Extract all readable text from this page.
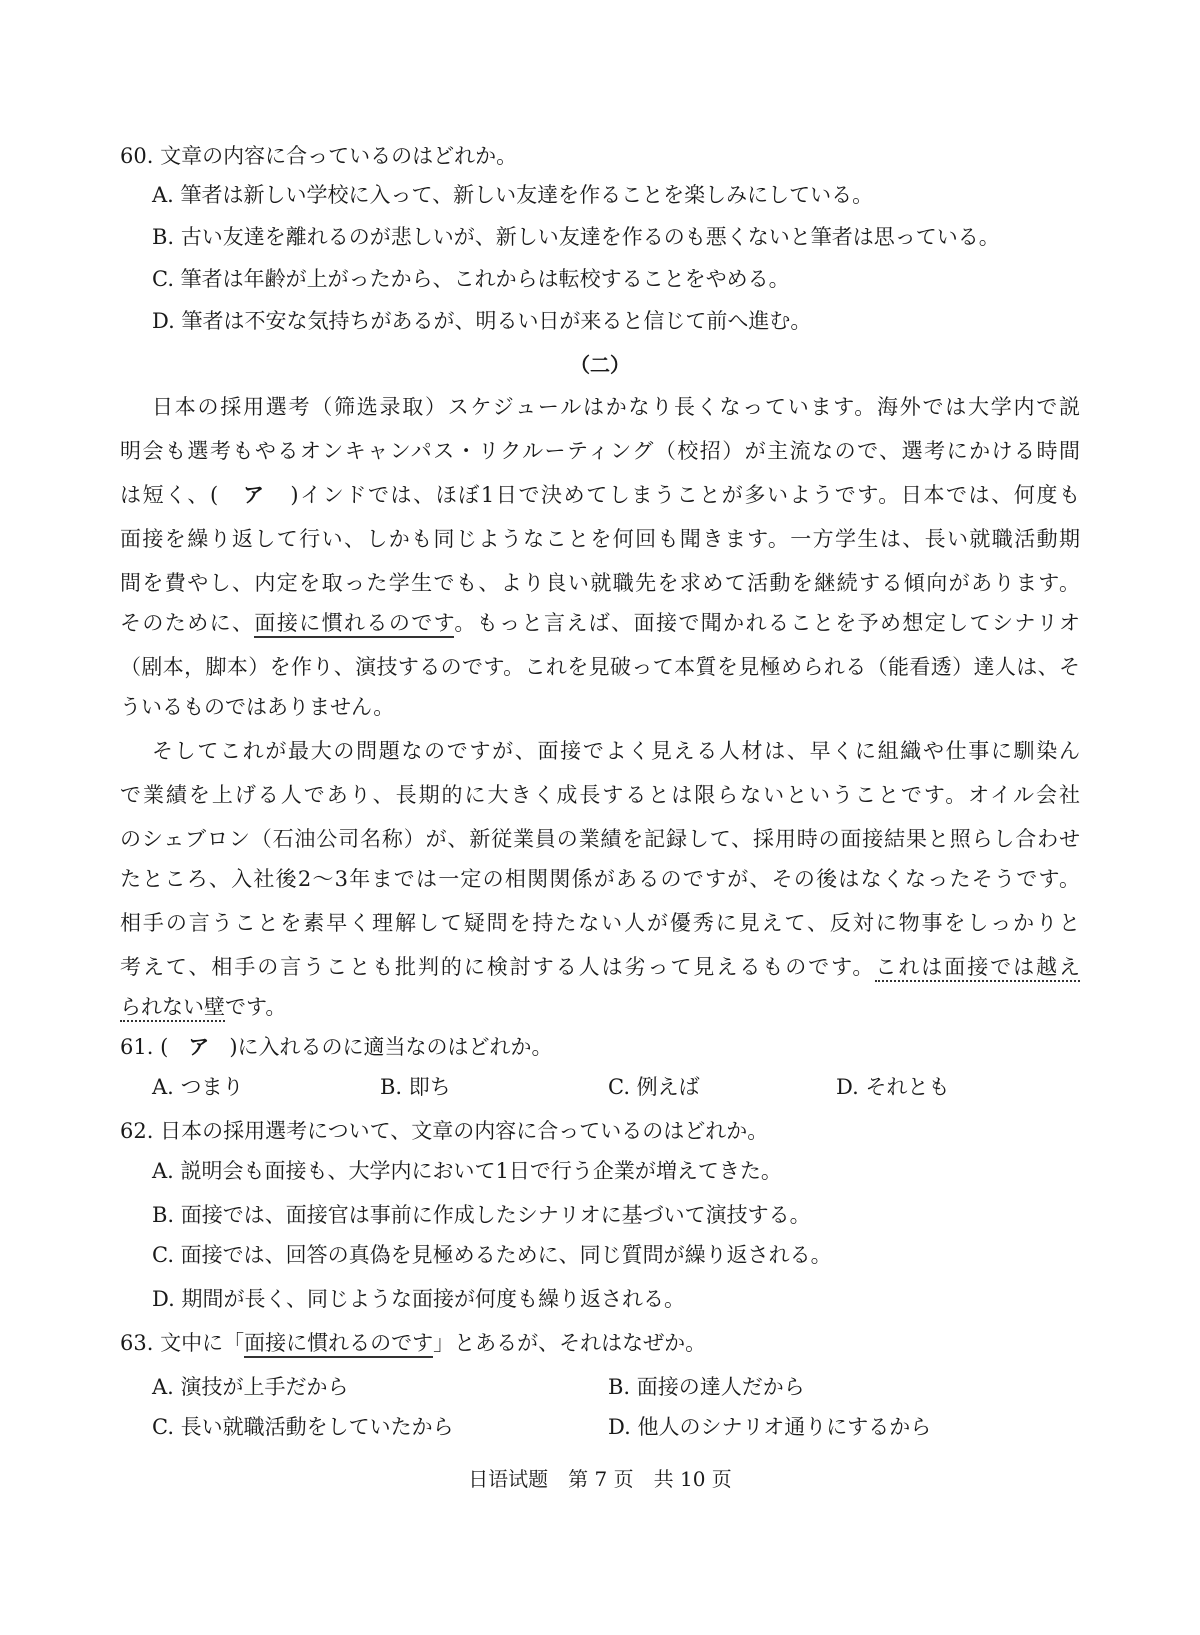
60. 文章の内容に合っているのはどれか。
A. 筆者は新しい学校に入って、新しい友達を作ることを楽しみにしている。
B. 古い友達を離れるのが悲しいが、新しい友達を作るのも悪くないと筆者は思っている。
C. 筆者は年齢が上がったから、これからは転校することをやめる。
D. 筆者は不安な気持ちがあるが、明るい日が来ると信じて前へ進む。
（二）
日本の採用選考（筛选录取）スケジュールはかなり長くなっています。海外では大学内で説
明会も選考もやるオンキャンパス・リクルーティング（校招）が主流なので、選考にかける時間
は短く、( ア )インドでは、ほぼ1日で決めてしまうことが多いようです。日本では、何度も
面接を繰り返して行い、しかも同じようなことを何回も聞きます。一方学生は、長い就職活動期
間を費やし、内定を取った学生でも、より良い就職先を求めて活動を継続する傾向があります。
そのために、面接に慣れるのです。もっと言えば、面接で聞かれることを予め想定してシナリオ
（剧本，脚本）を作り、演技するのです。これを見破って本質を見極められる（能看透）達人は、そ
ういるものではありません。
そしてこれが最大の問題なのですが、面接でよく見える人材は、早くに組織や仕事に馴染ん
で業績を上げる人であり、長期的に大きく成長するとは限らないということです。オイル会社
のシェブロン（石油公司名称）が、新従業員の業績を記録して、採用時の面接結果と照らし合わせ
たところ、入社後2～3年までは一定の相関関係があるのですが、その後はなくなったそうです。
相手の言うことを素早く理解して疑問を持たない人が優秀に見えて、反対に物事をしっかりと
考えて、相手の言うことも批判的に検討する人は劣って見えるものです。これは面接では越え
られない壁です。
61. ( ア )に入れるのに適当なのはどれか。
A. つまり	B. 即ち	C. 例えば	D. それとも
62. 日本の採用選考について、文章の内容に合っているのはどれか。
A. 説明会も面接も、大学内において1日で行う企業が増えてきた。
B. 面接では、面接官は事前に作成したシナリオに基づいて演技する。
C. 面接では、回答の真偽を見極めるために、同じ質問が繰り返される。
D. 期間が長く、同じような面接が何度も繰り返される。
63. 文中に「面接に慣れるのです」とあるが、それはなぜか。
A. 演技が上手だから	B. 面接の達人だから
C. 長い就職活動をしていたから	D. 他人のシナリオ通りにするから
日语试题　第 7 页　共 10 页
